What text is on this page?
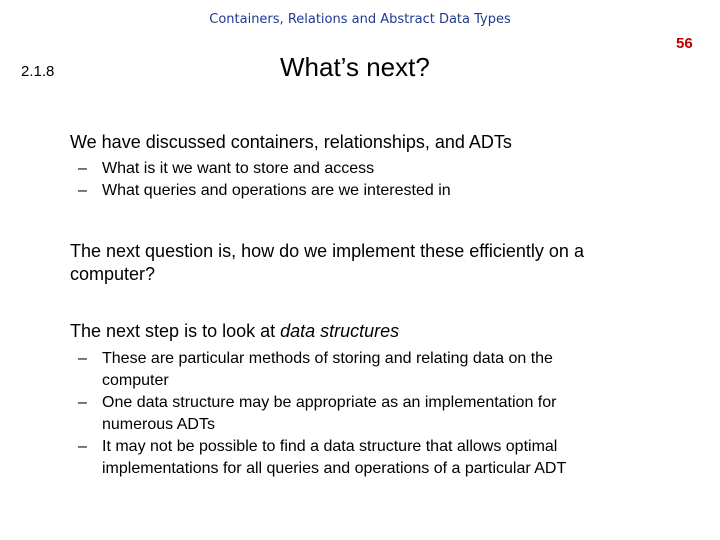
Containers, Relations and Abstract Data Types
56
2.1.8	What’s next?
We have discussed containers, relationships, and ADTs
– What is it we want to store and access
– What queries and operations are we interested in
The next question is, how do we implement these efficiently on a
computer?
The next step is to look at data structures
– These are particular methods of storing and relating data on the
computer
– One data structure may be appropriate as an implementation for
numerous ADTs
– It may not be possible to find a data structure that allows optimal
implementations for all queries and operations of a particular ADT
